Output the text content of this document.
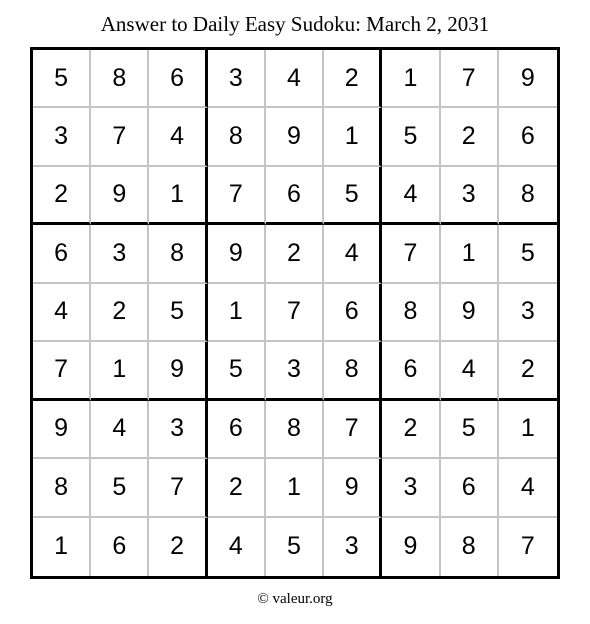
Answer to Daily Easy Sudoku: March 2, 2031
5	8	6	3	4	2	1	7	9
3	7	4	8	9	1	5	2	6
2	9	1	7	6	5	4	3	8
6	3	8	9	2	4	7	1	5
4	2	5	1	7	6	8	9	3
7	1	9	5	3	8	6	4	2
9	4	3	6	8	7	2	5	1
8	5	7	2	1	9	3	6	4
1	6	2	4	5	3	9	8	7
© valeur.org
